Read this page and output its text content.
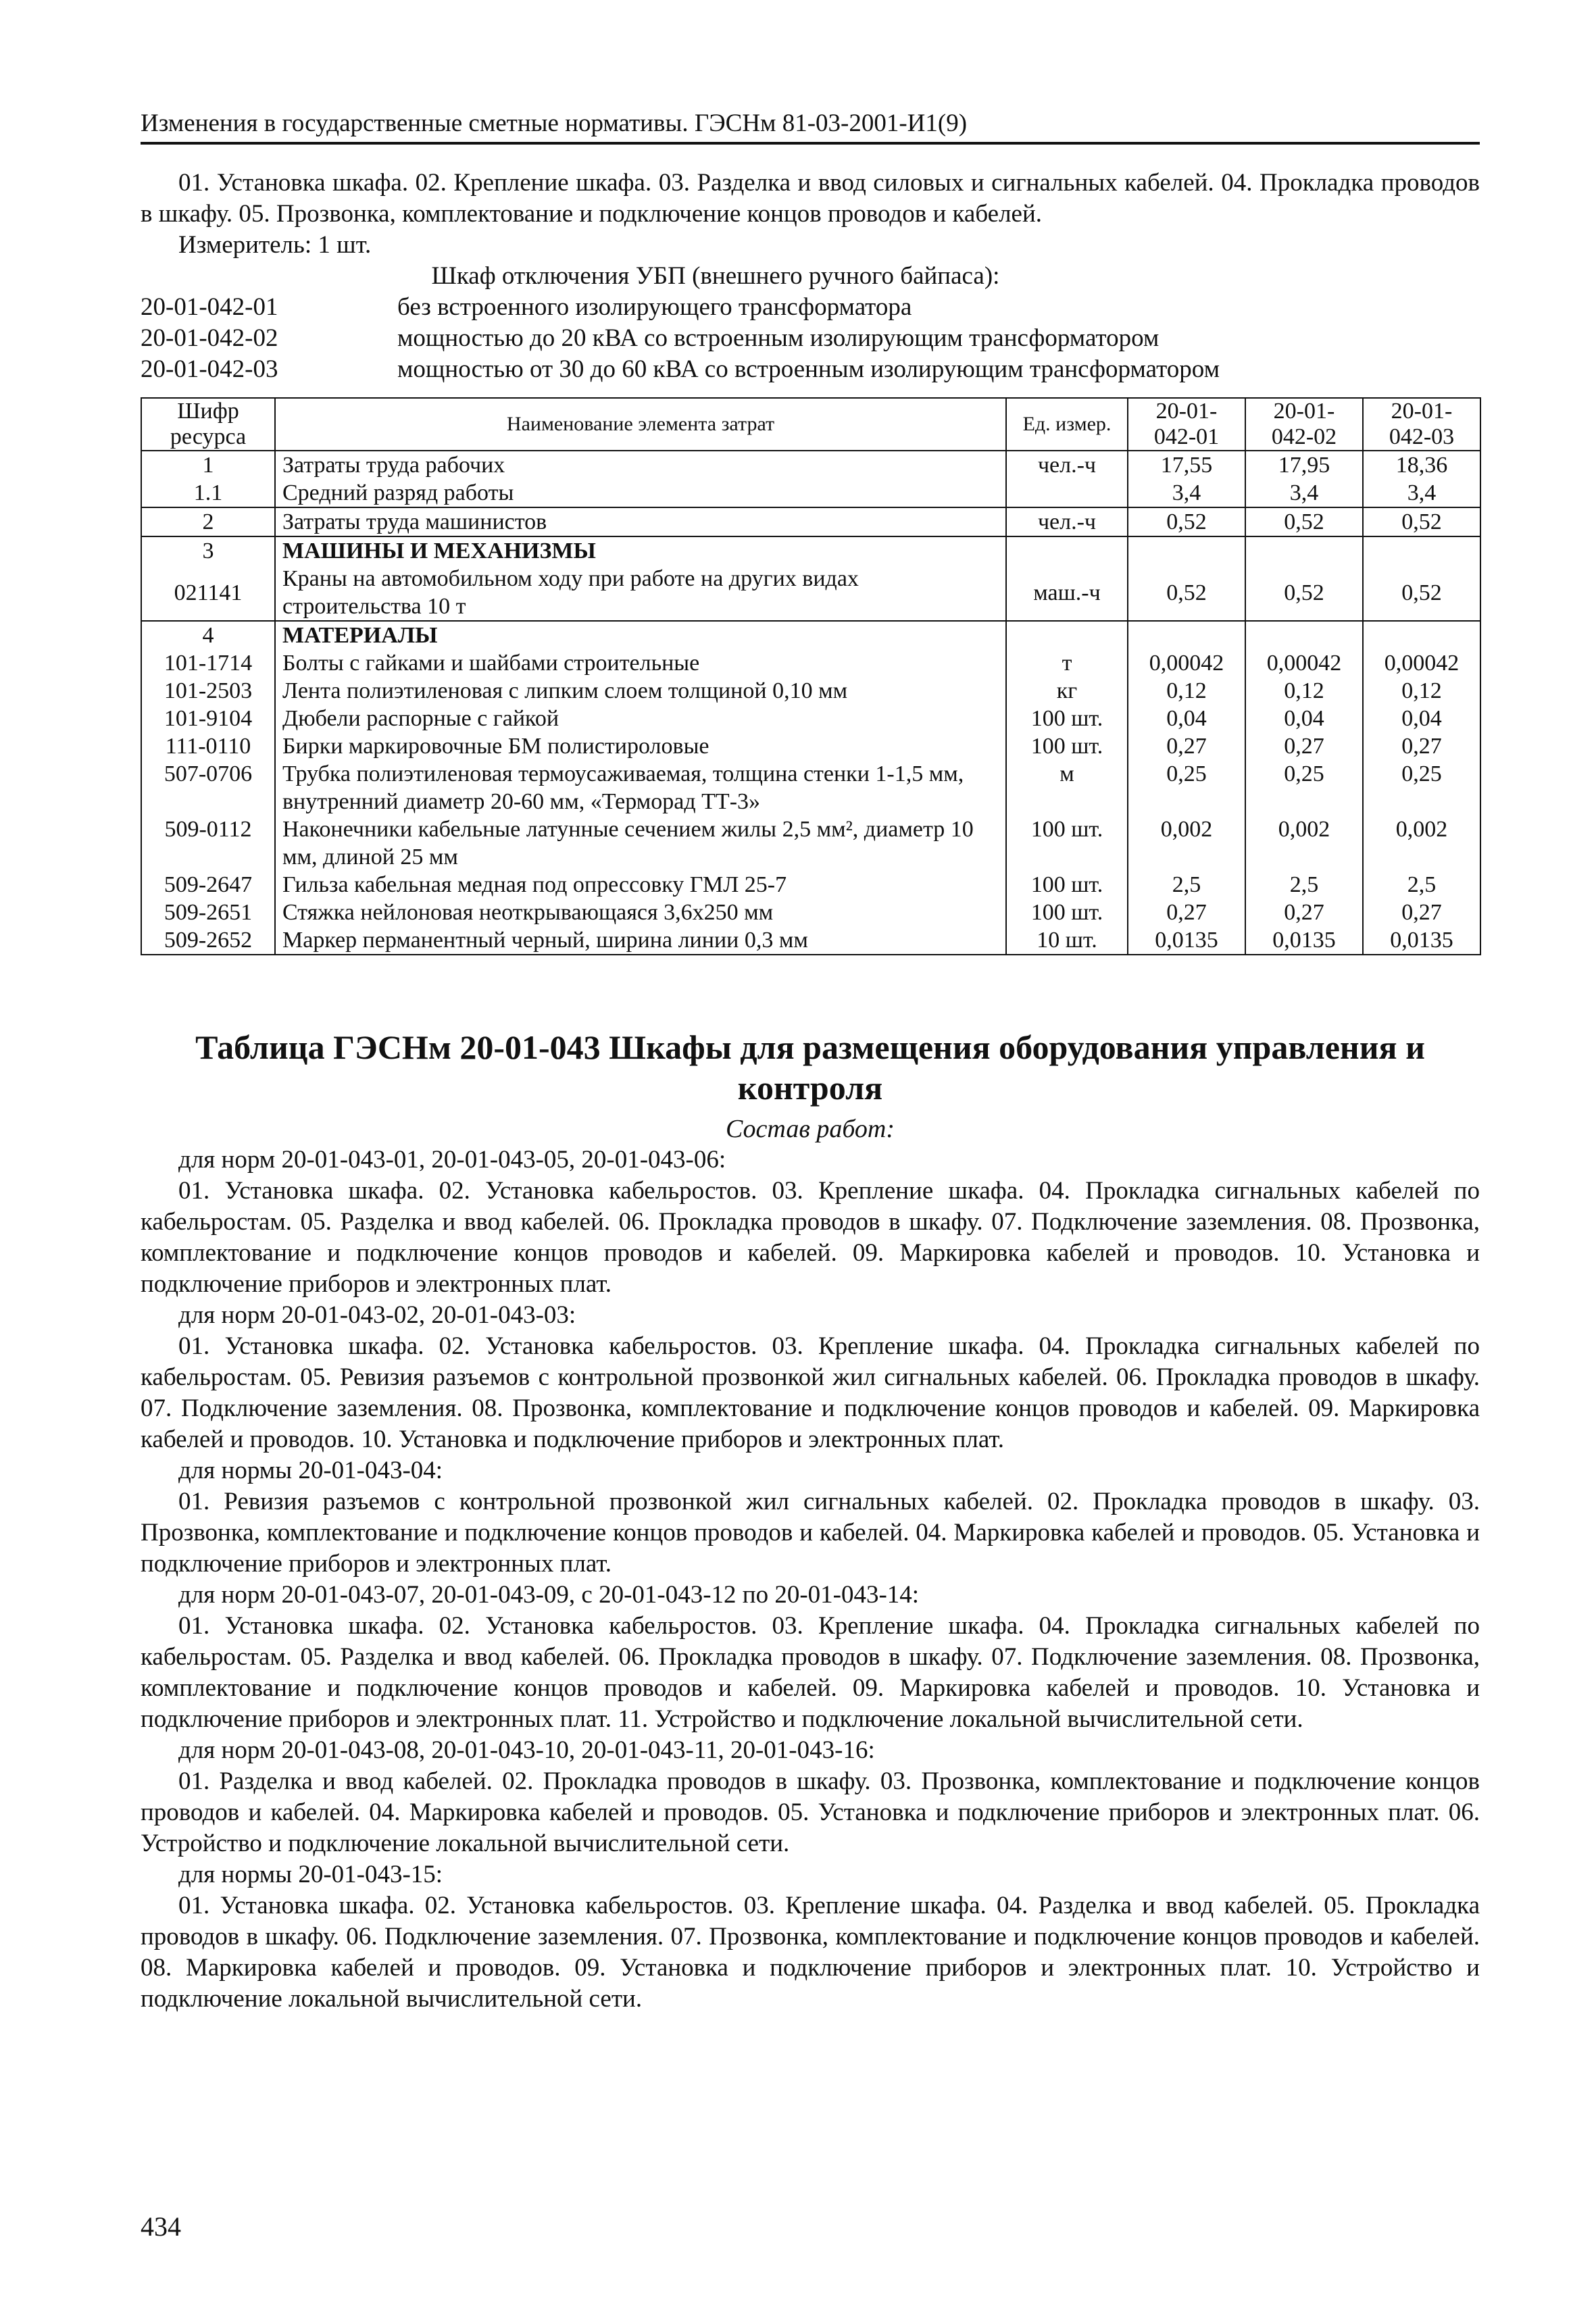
Изменения в государственные сметные нормативы. ГЭСНм 81-03-2001-И1(9)

01. Установка шкафа. 02. Крепление шкафа. 03. Разделка и ввод силовых и сигнальных кабелей. 04. Прокладка проводов в шкафу. 05. Прозвонка, комплектование и подключение концов проводов и кабелей.

Измеритель: 1 шт.

Шкаф отключения УБП (внешнего ручного байпаса):

20-01-042-01	без встроенного изолирующего трансформатора
20-01-042-02	мощностью до 20 кВА со встроенным изолирующим трансформатором
20-01-042-03	мощностью от 30 до 60 кВА со встроенным изолирующим трансформатором
Шифр ресурса	Наименование элемента затрат	Ед. измер.	20-01-042-01	20-01-042-02	20-01-042-03
1	Затраты труда рабочих	чел.-ч	17,55	17,95	18,36
1.1	Средний разряд работы		3,4	3,4	3,4
2	Затраты труда машинистов	чел.-ч	0,52	0,52	0,52
3	МАШИНЫ И МЕХАНИЗМЫ				
021141	Краны на автомобильном ходу при работе на других видах строительства 10 т	маш.-ч	0,52	0,52	0,52
4	МАТЕРИАЛЫ				
101-1714	Болты с гайками и шайбами строительные	т	0,00042	0,00042	0,00042
101-2503	Лента полиэтиленовая с липким слоем толщиной 0,10 мм	кг	0,12	0,12	0,12
101-9104	Дюбели распорные с гайкой	100 шт.	0,04	0,04	0,04
111-0110	Бирки маркировочные БМ полистироловые	100 шт.	0,27	0,27	0,27
507-0706	Трубка полиэтиленовая термоусаживаемая, толщина стенки 1-1,5 мм, внутренний диаметр 20-60 мм, «Терморад ТТ-3»	м	0,25	0,25	0,25
509-0112	Наконечники кабельные латунные сечением жилы 2,5 мм², диаметр 10 мм, длиной 25 мм	100 шт.	0,002	0,002	0,002
509-2647	Гильза кабельная медная под опрессовку ГМЛ 25-7	100 шт.	2,5	2,5	2,5
509-2651	Стяжка нейлоновая неоткрывающаяся 3,6х250 мм	100 шт.	0,27	0,27	0,27
509-2652	Маркер перманентный черный, ширина линии 0,3 мм	10 шт.	0,0135	0,0135	0,0135
Таблица ГЭСНм 20-01-043 Шкафы для размещения оборудования управления и контроля
Состав работ:

для норм 20-01-043-01, 20-01-043-05, 20-01-043-06:

01. Установка шкафа. 02. Установка кабельростов. 03. Крепление шкафа. 04. Прокладка сигнальных кабелей по кабельростам. 05. Разделка и ввод кабелей. 06. Прокладка проводов в шкафу. 07. Подключение заземления. 08. Прозвонка, комплектование и подключение концов проводов и кабелей. 09. Маркировка кабелей и проводов. 10. Установка и подключение приборов и электронных плат.

для норм 20-01-043-02, 20-01-043-03:

01. Установка шкафа. 02. Установка кабельростов. 03. Крепление шкафа. 04. Прокладка сигнальных кабелей по кабельростам. 05. Ревизия разъемов с контрольной прозвонкой жил сигнальных кабелей. 06. Прокладка проводов в шкафу. 07. Подключение заземления. 08. Прозвонка, комплектование и подключение концов проводов и кабелей. 09. Маркировка кабелей и проводов. 10. Установка и подключение приборов и электронных плат.

для нормы 20-01-043-04:

01. Ревизия разъемов с контрольной прозвонкой жил сигнальных кабелей. 02. Прокладка проводов в шкафу. 03. Прозвонка, комплектование и подключение концов проводов и кабелей. 04. Маркировка кабелей и проводов. 05. Установка и подключение приборов и электронных плат.

для норм 20-01-043-07, 20-01-043-09, с 20-01-043-12 по 20-01-043-14:

01. Установка шкафа. 02. Установка кабельростов. 03. Крепление шкафа. 04. Прокладка сигнальных кабелей по кабельростам. 05. Разделка и ввод кабелей. 06. Прокладка проводов в шкафу. 07. Подключение заземления. 08. Прозвонка, комплектование и подключение концов проводов и кабелей. 09. Маркировка кабелей и проводов. 10. Установка и подключение приборов и электронных плат. 11. Устройство и подключение локальной вычислительной сети.

для норм 20-01-043-08, 20-01-043-10, 20-01-043-11, 20-01-043-16:

01. Разделка и ввод кабелей. 02. Прокладка проводов в шкафу. 03. Прозвонка, комплектование и подключение концов проводов и кабелей. 04. Маркировка кабелей и проводов. 05. Установка и подключение приборов и электронных плат. 06. Устройство и подключение локальной вычислительной сети.

для нормы 20-01-043-15:

01. Установка шкафа. 02. Установка кабельростов. 03. Крепление шкафа. 04. Разделка и ввод кабелей. 05. Прокладка проводов в шкафу. 06. Подключение заземления. 07. Прозвонка, комплектование и подключение концов проводов и кабелей. 08. Маркировка кабелей и проводов. 09. Установка и подключение приборов и электронных плат. 10. Устройство и подключение локальной вычислительной сети.

434
